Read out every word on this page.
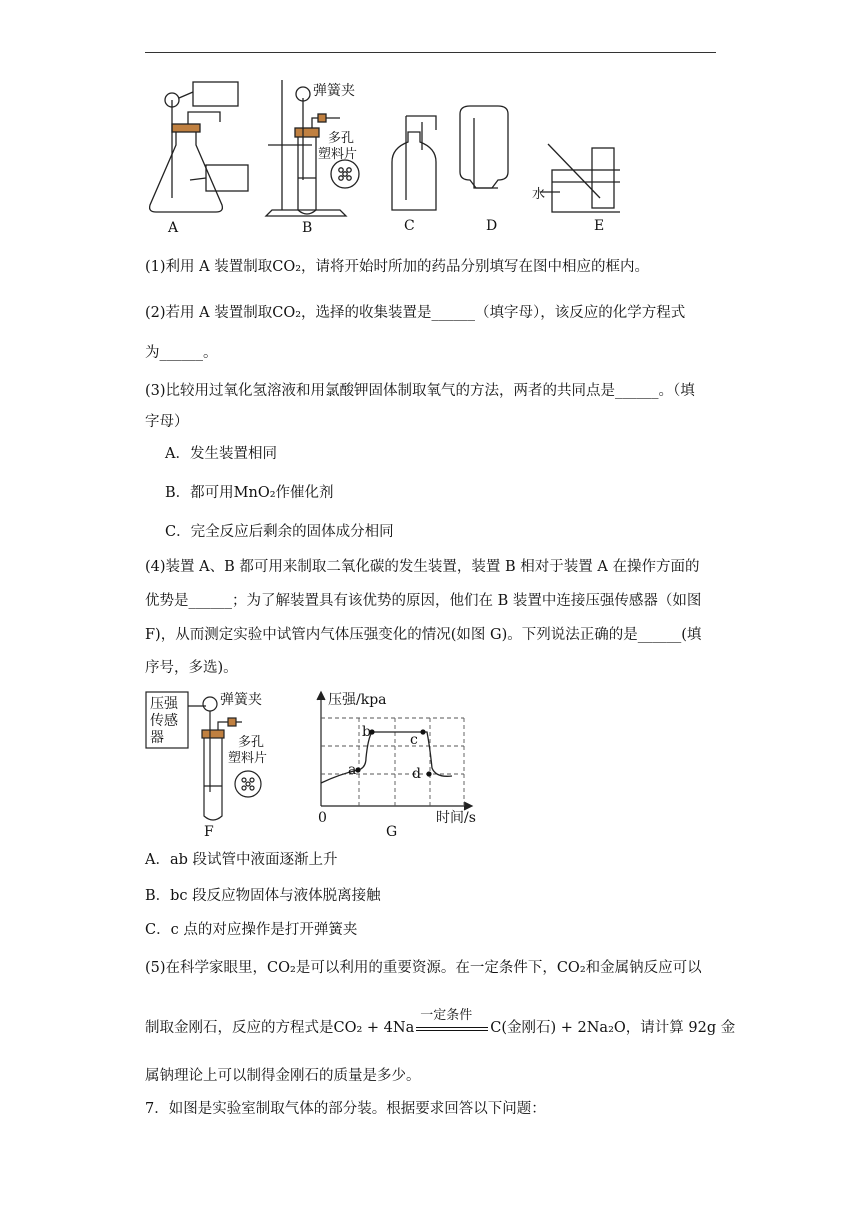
弹簧夹
多孔
塑料片
水
A	B	C	D	E
(1)利用 A 装置制取CO₂，请将开始时所加的药品分别填写在图中相应的框内。
(2)若用 A 装置制取CO₂，选择的收集装置是______（填字母），该反应的化学方程式
为______。
(3)比较用过氧化氢溶液和用氯酸钾固体制取氧气的方法，两者的共同点是______。（填
字母）
A．发生装置相同
B．都可用MnO₂作催化剂
C．完全反应后剩余的固体成分相同
(4)装置 A、B 都可用来制取二氧化碳的发生装置，装置 B 相对于装置 A 在操作方面的
优势是______；为了解装置具有该优势的原因，他们在 B 装置中连接压强传感器（如图
F)，从而测定实验中试管内气体压强变化的情况(如图 G)。下列说法正确的是______(填
序号，多选)。
压强
传感
器
弹簧夹
多孔
塑料片
压强/kpa
时间/s
0
a
b	c
d
F	G
A．ab 段试管中液面逐渐上升
B．bc 段反应物固体与液体脱离接触
C．c 点的对应操作是打开弹簧夹
(5)在科学家眼里，CO₂是可以利用的重要资源。在一定条件下，CO₂和金属钠反应可以
制取金刚石，反应的方程式是CO₂ + 4Na
一定条件
C(金刚石) + 2Na₂O，请计算 92g 金
属钠理论上可以制得金刚石的质量是多少。
7．如图是实验室制取气体的部分装。根据要求回答以下问题：
